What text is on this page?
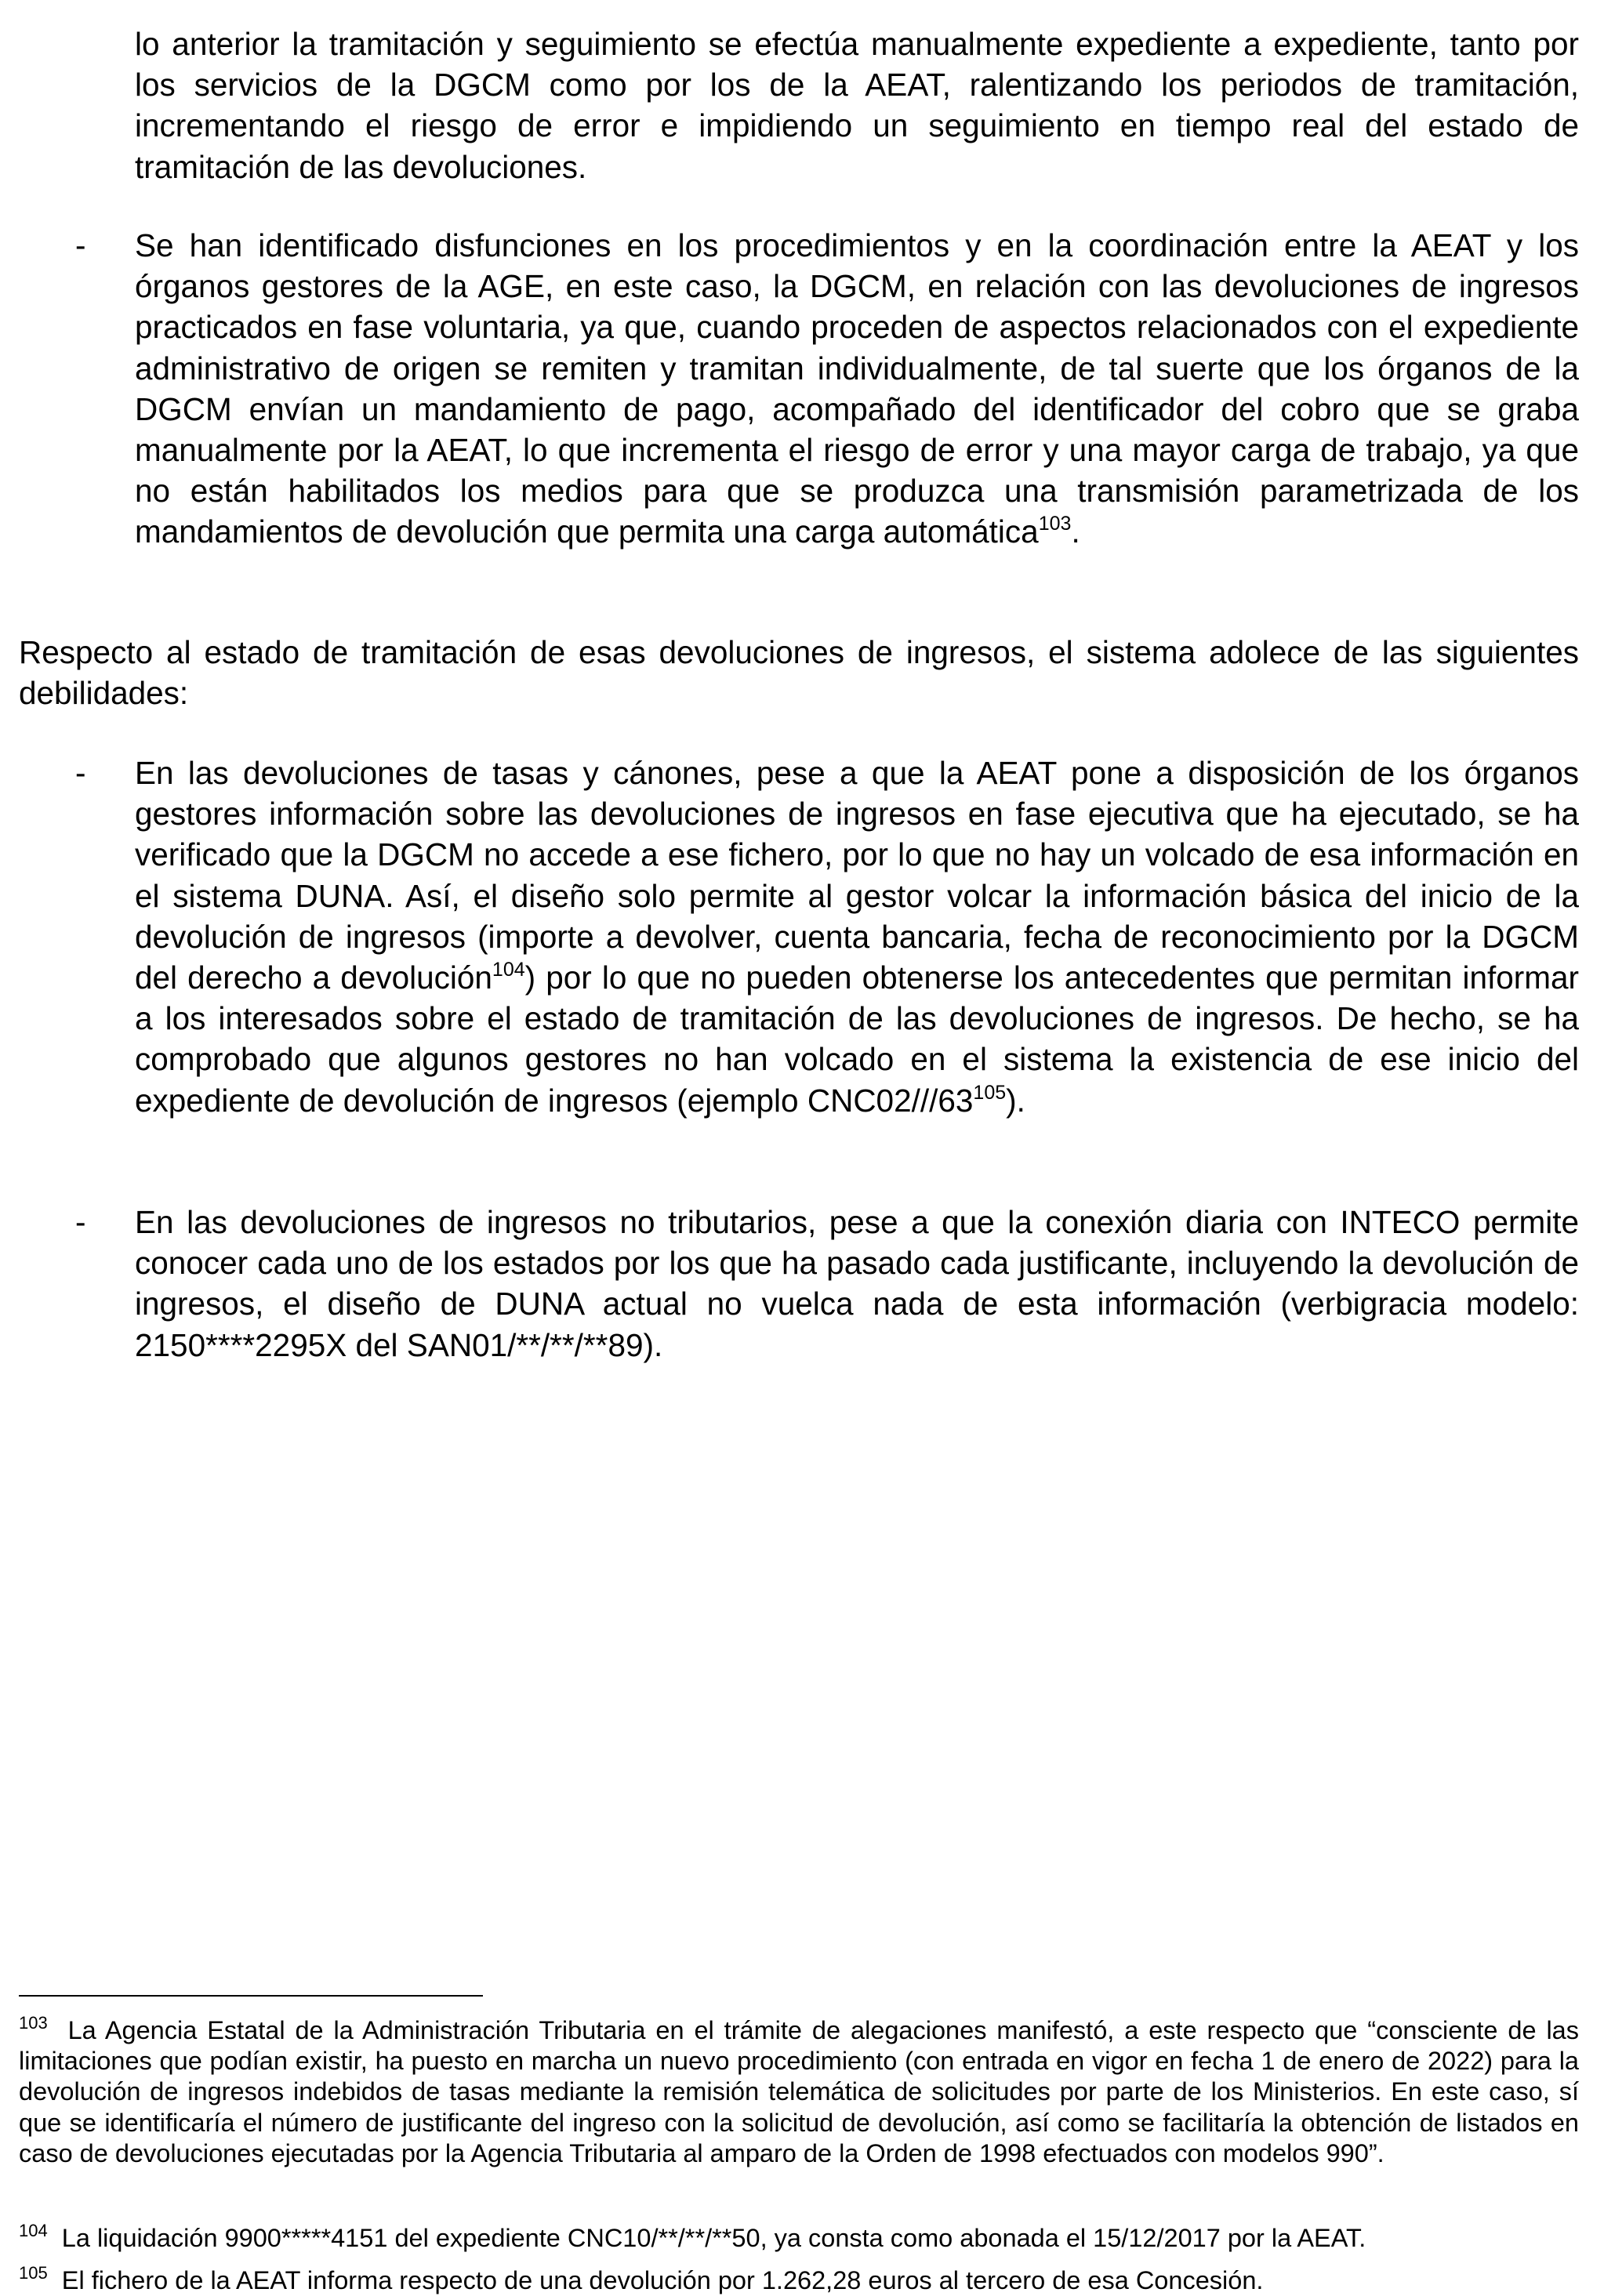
lo anterior la tramitación y seguimiento se efectúa manualmente expediente a expediente, tanto por los servicios de la DGCM como por los de la AEAT, ralentizando los periodos de tramitación, incrementando el riesgo de error e impidiendo un seguimiento en tiempo real del estado de tramitación de las devoluciones.

- Se han identificado disfunciones en los procedimientos y en la coordinación entre la AEAT y los órganos gestores de la AGE, en este caso, la DGCM, en relación con las devoluciones de ingresos practicados en fase voluntaria, ya que, cuando proceden de aspectos relacionados con el expediente administrativo de origen se remiten y tramitan individualmente, de tal suerte que los órganos de la DGCM envían un mandamiento de pago, acompañado del identificador del cobro que se graba manualmente por la AEAT, lo que incrementa el riesgo de error y una mayor carga de trabajo, ya que no están habilitados los medios para que se produzca una transmisión parametrizada de los mandamientos de devolución que permita una carga automática$^{103}$.

Respecto al estado de tramitación de esas devoluciones de ingresos, el sistema adolece de las siguientes debilidades:

- En las devoluciones de tasas y cánones, pese a que la AEAT pone a disposición de los órganos gestores información sobre las devoluciones de ingresos en fase ejecutiva que ha ejecutado, se ha verificado que la DGCM no accede a ese fichero, por lo que no hay un volcado de esa información en el sistema DUNA. Así, el diseño solo permite al gestor volcar la información básica del inicio de la devolución de ingresos (importe a devolver, cuenta bancaria, fecha de reconocimiento por la DGCM del derecho a devolución$^{104}$) por lo que no pueden obtenerse los antecedentes que permitan informar a los interesados sobre el estado de tramitación de las devoluciones de ingresos. De hecho, se ha comprobado que algunos gestores no han volcado en el sistema la existencia de ese inicio del expediente de devolución de ingresos (ejemplo CNC02///63$^{105}$).

- En las devoluciones de ingresos no tributarios, pese a que la conexión diaria con INTECO permite conocer cada uno de los estados por los que ha pasado cada justificante, incluyendo la devolución de ingresos, el diseño de DUNA actual no vuelca nada de esta información (verbigracia modelo: 2150****2295X del SAN01/**/**/**89).

$^{103}$ La Agencia Estatal de la Administración Tributaria en el trámite de alegaciones manifestó, a este respecto que “consciente de las limitaciones que podían existir, ha puesto en marcha un nuevo procedimiento (con entrada en vigor en fecha 1 de enero de 2022) para la devolución de ingresos indebidos de tasas mediante la remisión telemática de solicitudes por parte de los Ministerios. En este caso, sí que se identificaría el número de justificante del ingreso con la solicitud de devolución, así como se facilitaría la obtención de listados en caso de devoluciones ejecutadas por la Agencia Tributaria al amparo de la Orden de 1998 efectuados con modelos 990”.

$^{104}$ La liquidación 9900*****4151 del expediente CNC10/**/**/**50, ya consta como abonada el 15/12/2017 por la AEAT.

$^{105}$ El fichero de la AEAT informa respecto de una devolución por 1.262,28 euros al tercero de esa Concesión.
